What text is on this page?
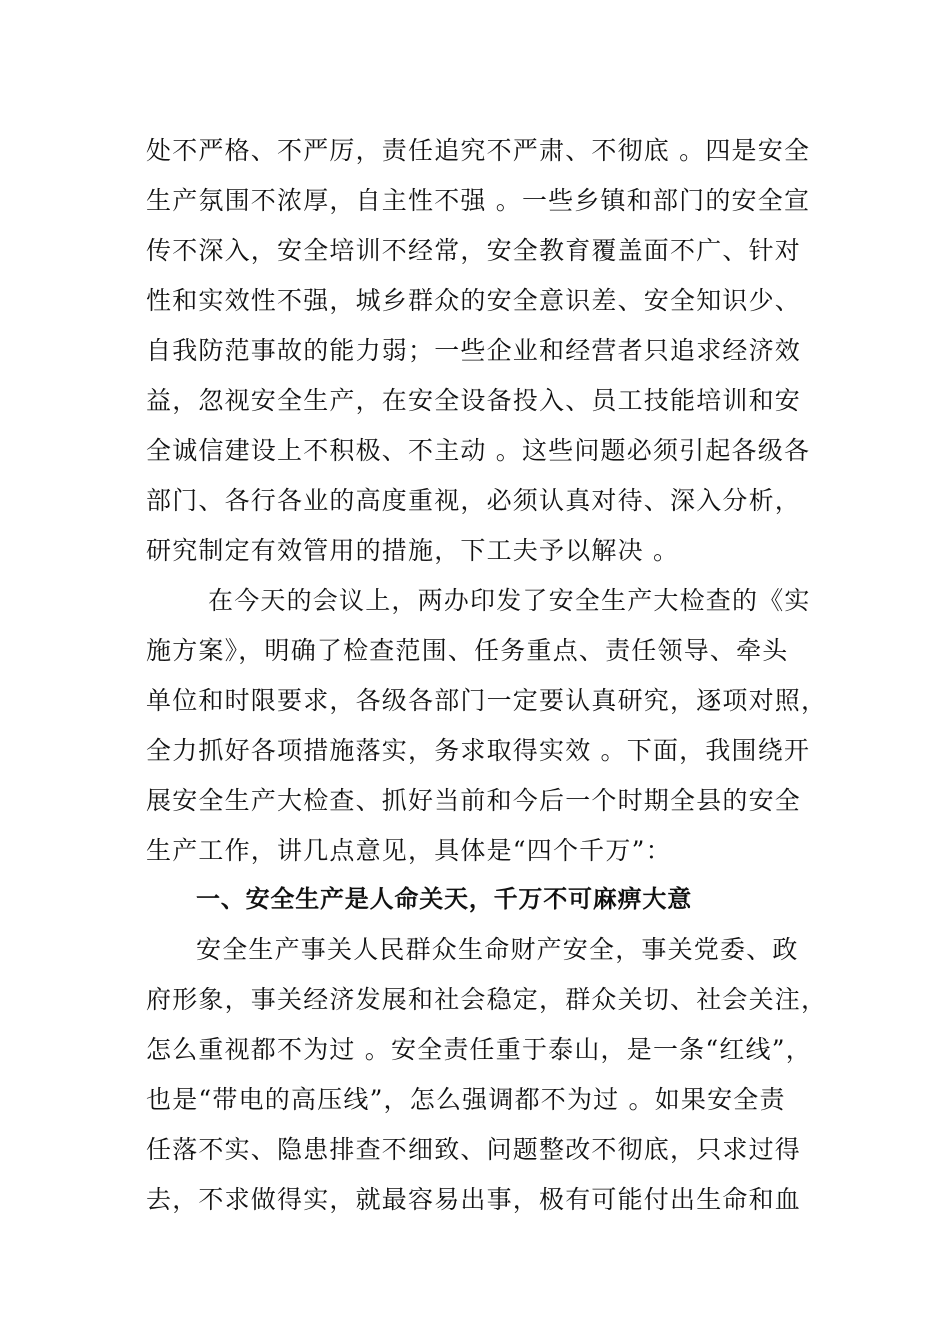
处不严格、不严厉，责任追究不严肃、不彻底 。四是安全
生产氛围不浓厚，自主性不强 。一些乡镇和部门的安全宣
传不深入，安全培训不经常，安全教育覆盖面不广、针对
性和实效性不强，城乡群众的安全意识差、安全知识少、
自我防范事故的能力弱；一些企业和经营者只追求经济效
益，忽视安全生产，在安全设备投入、员工技能培训和安
全诚信建设上不积极、不主动 。这些问题必须引起各级各
部门、各行各业的高度重视，必须认真对待、深入分析，
研究制定有效管用的措施，下工夫予以解决 。
在今天的会议上，两办印发了安全生产大检查的《实
施方案》，明确了检查范围、任务重点、责任领导、牵头
单位和时限要求，各级各部门一定要认真研究，逐项对照，
全力抓好各项措施落实，务求取得实效 。下面，我围绕开
展安全生产大检查、抓好当前和今后一个时期全县的安全
生产工作，讲几点意见，具体是“四个千万”：
一、安全生产是人命关天，千万不可麻痹大意
安全生产事关人民群众生命财产安全，事关党委、政
府形象，事关经济发展和社会稳定，群众关切、社会关注，
怎么重视都不为过 。安全责任重于泰山，是一条“红线”，
也是“带电的高压线”，怎么强调都不为过 。如果安全责
任落不实、隐患排查不细致、问题整改不彻底，只求过得
去，不求做得实，就最容易出事，极有可能付出生命和血
